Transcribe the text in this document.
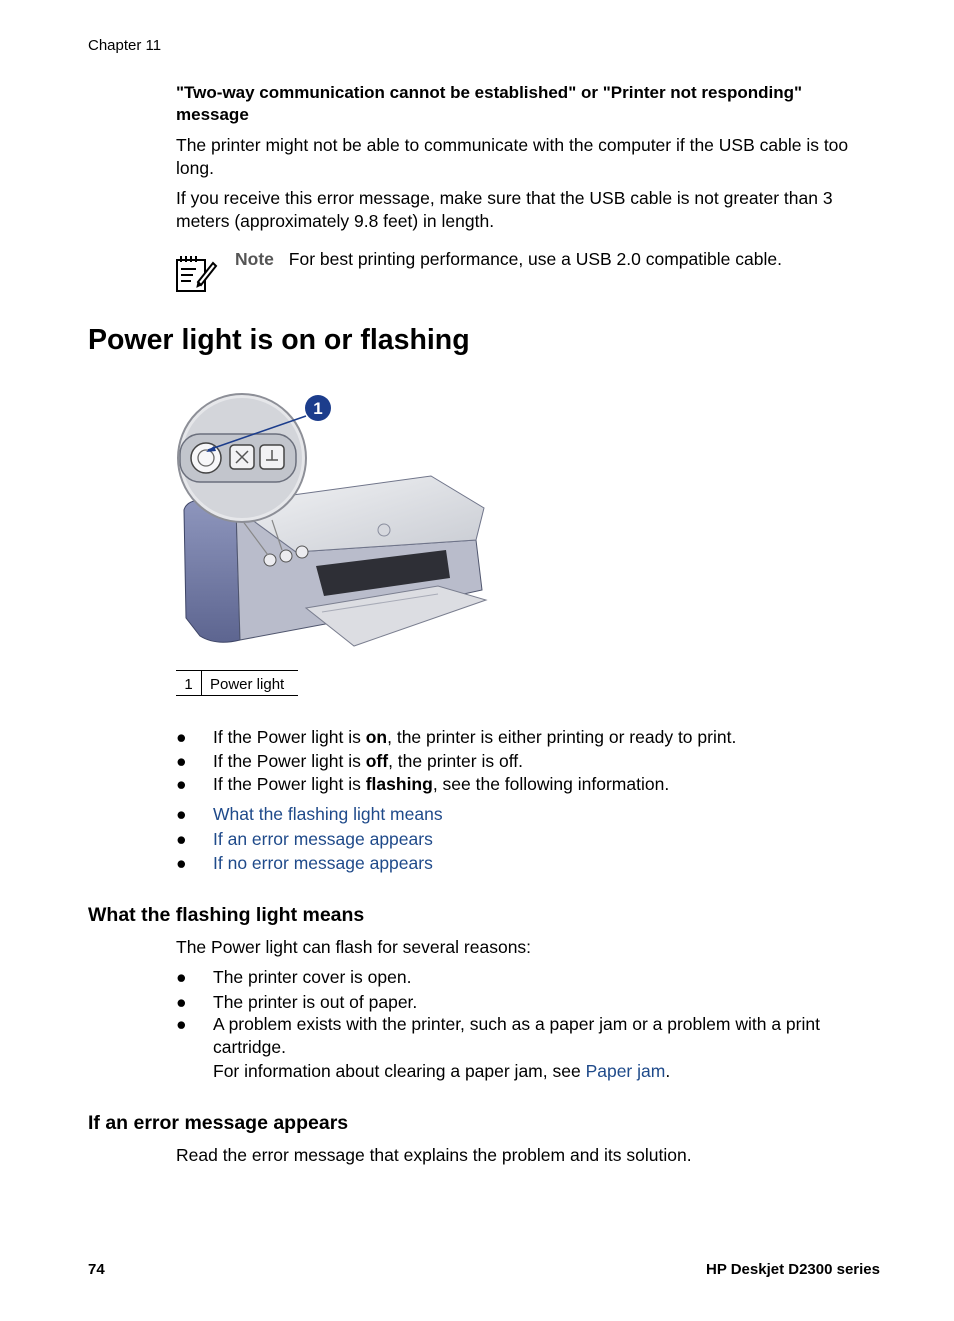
Chapter 11
"Two-way communication cannot be established" or "Printer not responding" message
The printer might not be able to communicate with the computer if the USB cable is too long.
If you receive this error message, make sure that the USB cable is not greater than 3 meters (approximately 9.8 feet) in length.
Note For best printing performance, use a USB 2.0 compatible cable.
Power light is on or flashing
1
1	Power light
● If the Power light is on, the printer is either printing or ready to print.
● If the Power light is off, the printer is off.
● If the Power light is flashing, see the following information.
● What the flashing light means
● If an error message appears
● If no error message appears
What the flashing light means
The Power light can flash for several reasons:
● The printer cover is open.
● The printer is out of paper.
● A problem exists with the printer, such as a paper jam or a problem with a print
cartridge.
For information about clearing a paper jam, see Paper jam.
If an error message appears
Read the error message that explains the problem and its solution.
74	HP Deskjet D2300 series
